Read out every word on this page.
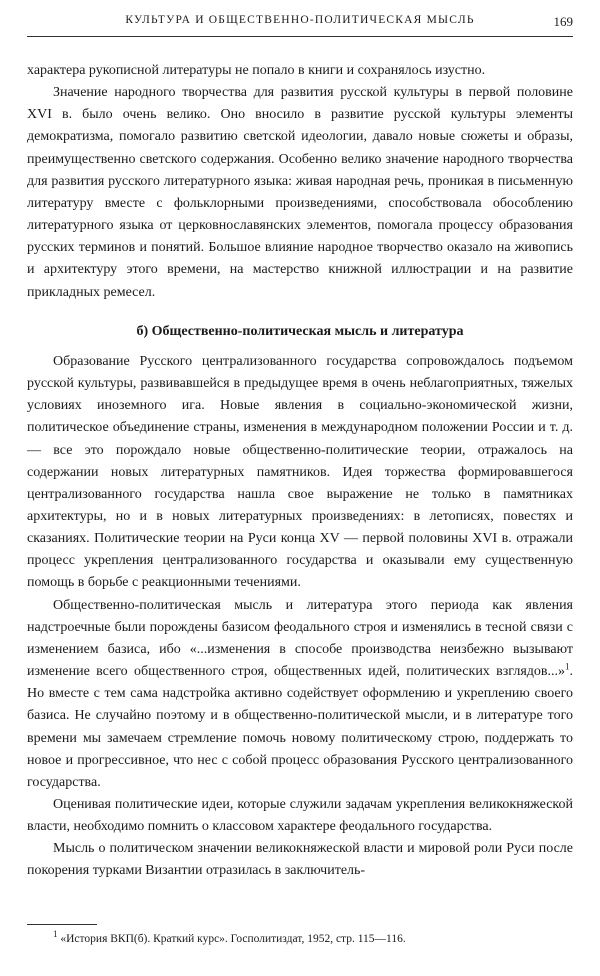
КУЛЬТУРА И ОБЩЕСТВЕННО-ПОЛИТИЧЕСКАЯ МЫСЛЬ	169

характера рукописной литературы не попало в книги и сохранялось изустно.

Значение народного творчества для развития русской культуры в первой половине XVI в. было очень велико. Оно вносило в развитие русской культуры элементы демократизма, помогало развитию светской идеологии, давало новые сюжеты и образы, преимущественно светского содержания. Особенно велико значение народного творчества для развития русского литературного языка: живая народная речь, проникая в письменную литературу вместе с фольклорными произведениями, способствовала обособлению литературного языка от церковнославянских элементов, помогала процессу образования русских терминов и понятий. Большое влияние народное творчество оказало на живопись и архитектуру этого времени, на мастерство книжной иллюстрации и на развитие прикладных ремесел.

б) Общественно-политическая мысль и литература

Образование Русского централизованного государства сопровождалось подъемом русской культуры, развивавшейся в предыдущее время в очень неблагоприятных, тяжелых условиях иноземного ига. Новые явления в социально-экономической жизни, политическое объединение страны, изменения в международном положении России и т. д.— все это порождало новые общественно-политические теории, отражалось на содержании новых литературных памятников. Идея торжества формировавшегося централизованного государства нашла свое выражение не только в памятниках архитектуры, но и в новых литературных произведениях: в летописях, повестях и сказаниях. Политические теории на Руси конца XV — первой половины XVI в. отражали процесс укрепления централизованного государства и оказывали ему существенную помощь в борьбе с реакционными течениями.

Общественно-политическая мысль и литература этого периода как явления надстроечные были порождены базисом феодального строя и изменялись в тесной связи с изменением базиса, ибо «...изменения в способе производства неизбежно вызывают изменение всего общественного строя, общественных идей, политических взглядов...»$^1$. Но вместе с тем сама надстройка активно содействует оформлению и укреплению своего базиса. Не случайно поэтому и в общественно-политической мысли, и в литературе того времени мы замечаем стремление помочь новому политическому строю, поддержать то новое и прогрессивное, что нес с собой процесс образования Русского централизованного государства.

Оценивая политические идеи, которые служили задачам укрепления великокняжеской власти, необходимо помнить о классовом характере феодального государства.

Мысль о политическом значении великокняжеской власти и мировой роли Руси после покорения турками Византии отразилась в заключитель-

$^1$ «История ВКП(б). Краткий курс». Госполитиздат, 1952, стр. 115—116.
